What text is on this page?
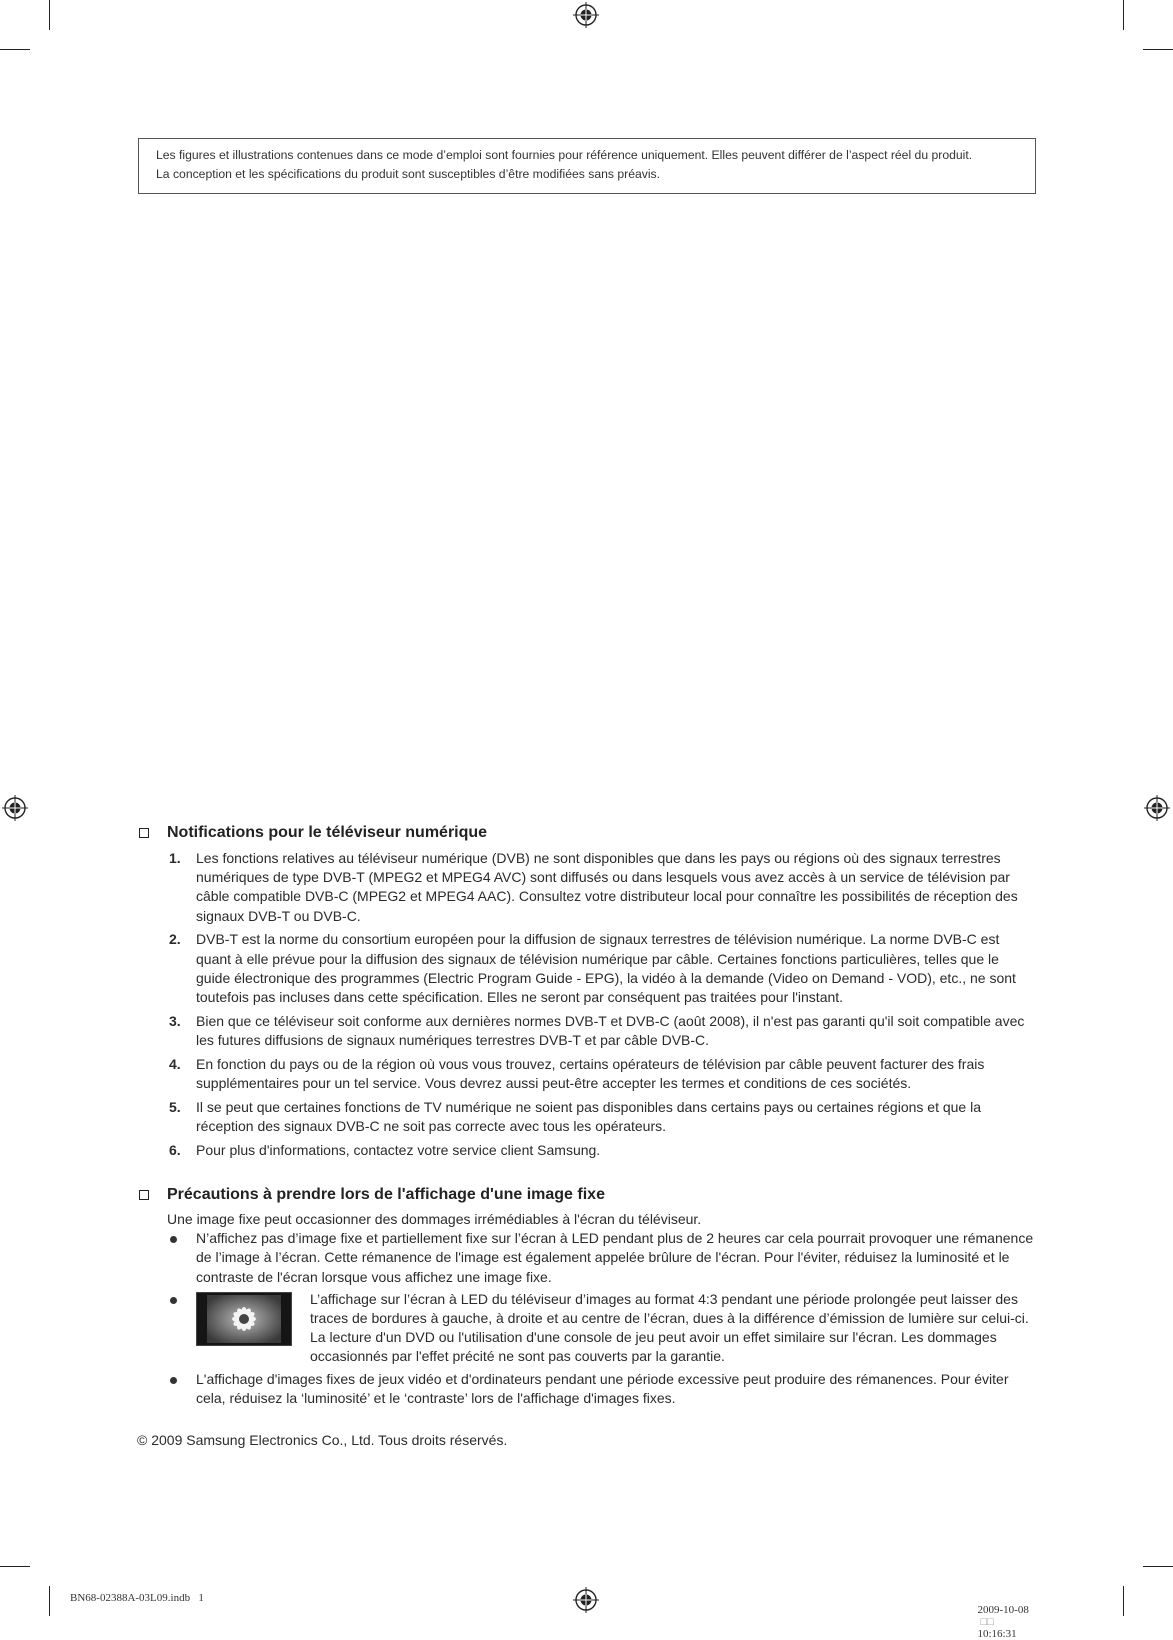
Les figures et illustrations contenues dans ce mode d’emploi sont fournies pour référence uniquement. Elles peuvent différer de l’aspect réel du produit.

La conception et les spécifications du produit sont susceptibles d’être modifiées sans préavis.

Notifications pour le téléviseur numérique
1. Les fonctions relatives au téléviseur numérique (DVB) ne sont disponibles que dans les pays ou régions où des signaux terrestres numériques de type DVB-T (MPEG2 et MPEG4 AVC) sont diffusés ou dans lesquels vous avez accès à un service de télévision par câble compatible DVB-C (MPEG2 et MPEG4 AAC). Consultez votre distributeur local pour connaître les possibilités de réception des signaux DVB-T ou DVB-C.
2. DVB-T est la norme du consortium européen pour la diffusion de signaux terrestres de télévision numérique. La norme DVB-C est quant à elle prévue pour la diffusion des signaux de télévision numérique par câble. Certaines fonctions particulières, telles que le guide électronique des programmes (Electric Program Guide - EPG), la vidéo à la demande (Video on Demand - VOD), etc., ne sont toutefois pas incluses dans cette spécification. Elles ne seront par conséquent pas traitées pour l'instant.
3. Bien que ce téléviseur soit conforme aux dernières normes DVB-T et DVB-C (août 2008), il n'est pas garanti qu'il soit compatible avec les futures diffusions de signaux numériques terrestres DVB-T et par câble DVB-C.
4. En fonction du pays ou de la région où vous vous trouvez, certains opérateurs de télévision par câble peuvent facturer des frais supplémentaires pour un tel service. Vous devrez aussi peut-être accepter les termes et conditions de ces sociétés.
5. Il se peut que certaines fonctions de TV numérique ne soient pas disponibles dans certains pays ou certaines régions et que la réception des signaux DVB-C ne soit pas correcte avec tous les opérateurs.
6. Pour plus d'informations, contactez votre service client Samsung.
Précautions à prendre lors de l'affichage d'une image fixe
Une image fixe peut occasionner des dommages irrémédiables à l'écran du téléviseur.
N’affichez pas d’image fixe et partiellement fixe sur l’écran à LED pendant plus de 2 heures car cela pourrait provoquer une rémanence de l’image à l’écran. Cette rémanence de l'image est également appelée brûlure de l'écran. Pour l'éviter, réduisez la luminosité et le contraste de l'écran lorsque vous affichez une image fixe.
L’affichage sur l’écran à LED du téléviseur d’images au format 4:3 pendant une période prolongée peut laisser des traces de bordures à gauche, à droite et au centre de l’écran, dues à la différence d’émission de lumière sur celui-ci. La lecture d'un DVD ou l'utilisation d'une console de jeu peut avoir un effet similaire sur l'écran. Les dommages occasionnés par l'effet précité ne sont pas couverts par la garantie.
L'affichage d'images fixes de jeux vidéo et d'ordinateurs pendant une période excessive peut produire des rémanences. Pour éviter cela, réduisez la ‘luminosité’ et le ‘contraste’ lors de l'affichage d'images fixes.
© 2009 Samsung Electronics Co., Ltd. Tous droits réservés.
BN68-02388A-03L09.indb   1

2009-10-08
□□
10:16:31
